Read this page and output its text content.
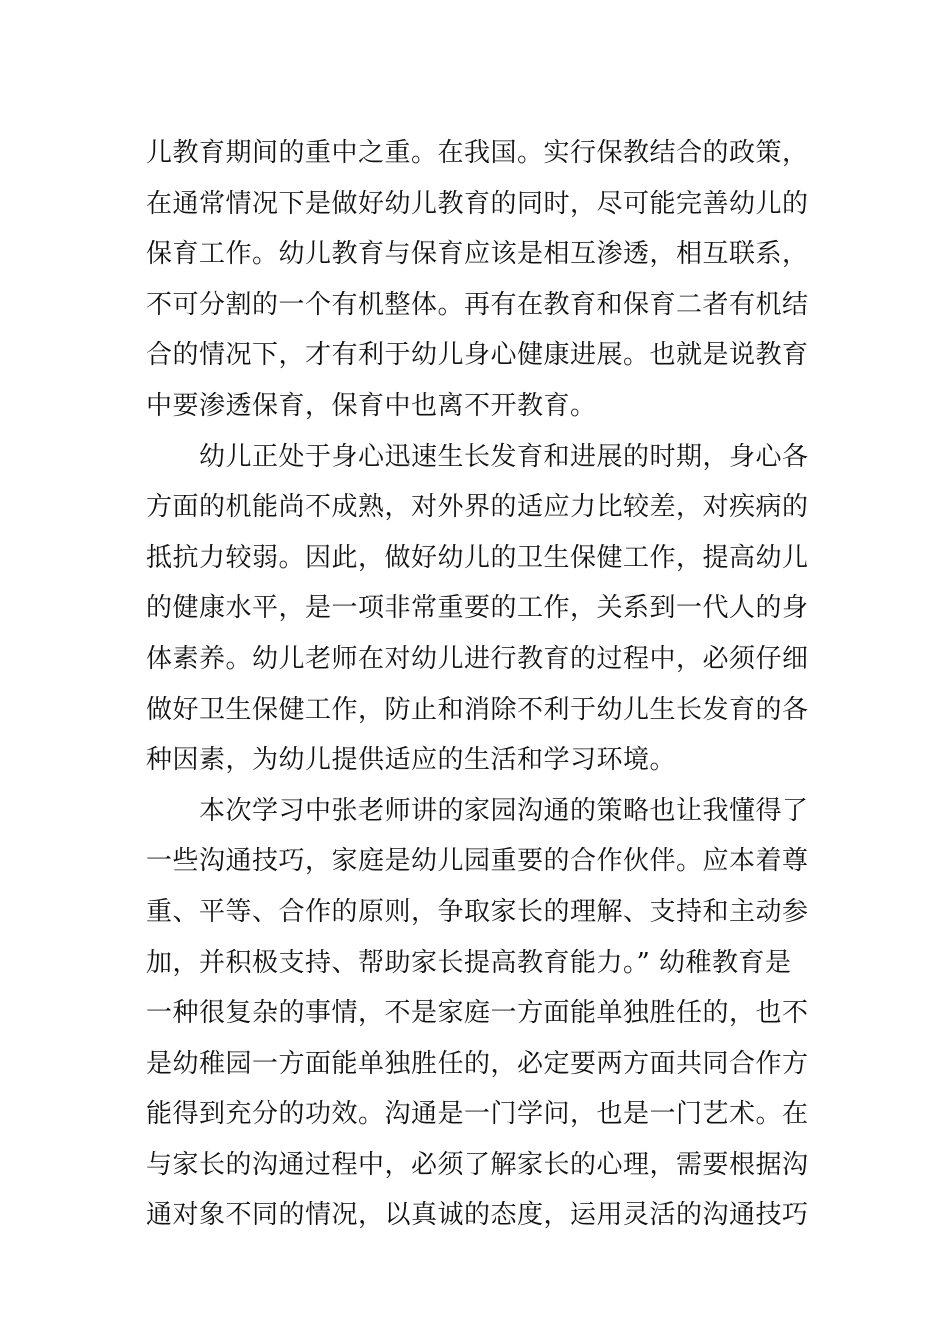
儿教育期间的重中之重。在我国。实行保教结合的政策，
在通常情况下是做好幼儿教育的同时，尽可能完善幼儿的
保育工作。幼儿教育与保育应该是相互渗透，相互联系，
不可分割的一个有机整体。再有在教育和保育二者有机结
合的情况下，才有利于幼儿身心健康进展。也就是说教育
中要渗透保育，保育中也离不开教育。
　　幼儿正处于身心迅速生长发育和进展的时期，身心各
方面的机能尚不成熟，对外界的适应力比较差，对疾病的
抵抗力较弱。因此，做好幼儿的卫生保健工作，提高幼儿
的健康水平，是一项非常重要的工作，关系到一代人的身
体素养。幼儿老师在对幼儿进行教育的过程中，必须仔细
做好卫生保健工作，防止和消除不利于幼儿生长发育的各
种因素，为幼儿提供适应的生活和学习环境。
　　本次学习中张老师讲的家园沟通的策略也让我懂得了
一些沟通技巧，家庭是幼儿园重要的合作伙伴。应本着尊
重、平等、合作的原则，争取家长的理解、支持和主动参
加，并积极支持、帮助家长提高教育能力。” 幼稚教育是
一种很复杂的事情，不是家庭一方面能单独胜任的，也不
是幼稚园一方面能单独胜任的，必定要两方面共同合作方
能得到充分的功效。沟通是一门学问，也是一门艺术。在
与家长的沟通过程中，必须了解家长的心理，需要根据沟
通对象不同的情况，以真诚的态度，运用灵活的沟通技巧
